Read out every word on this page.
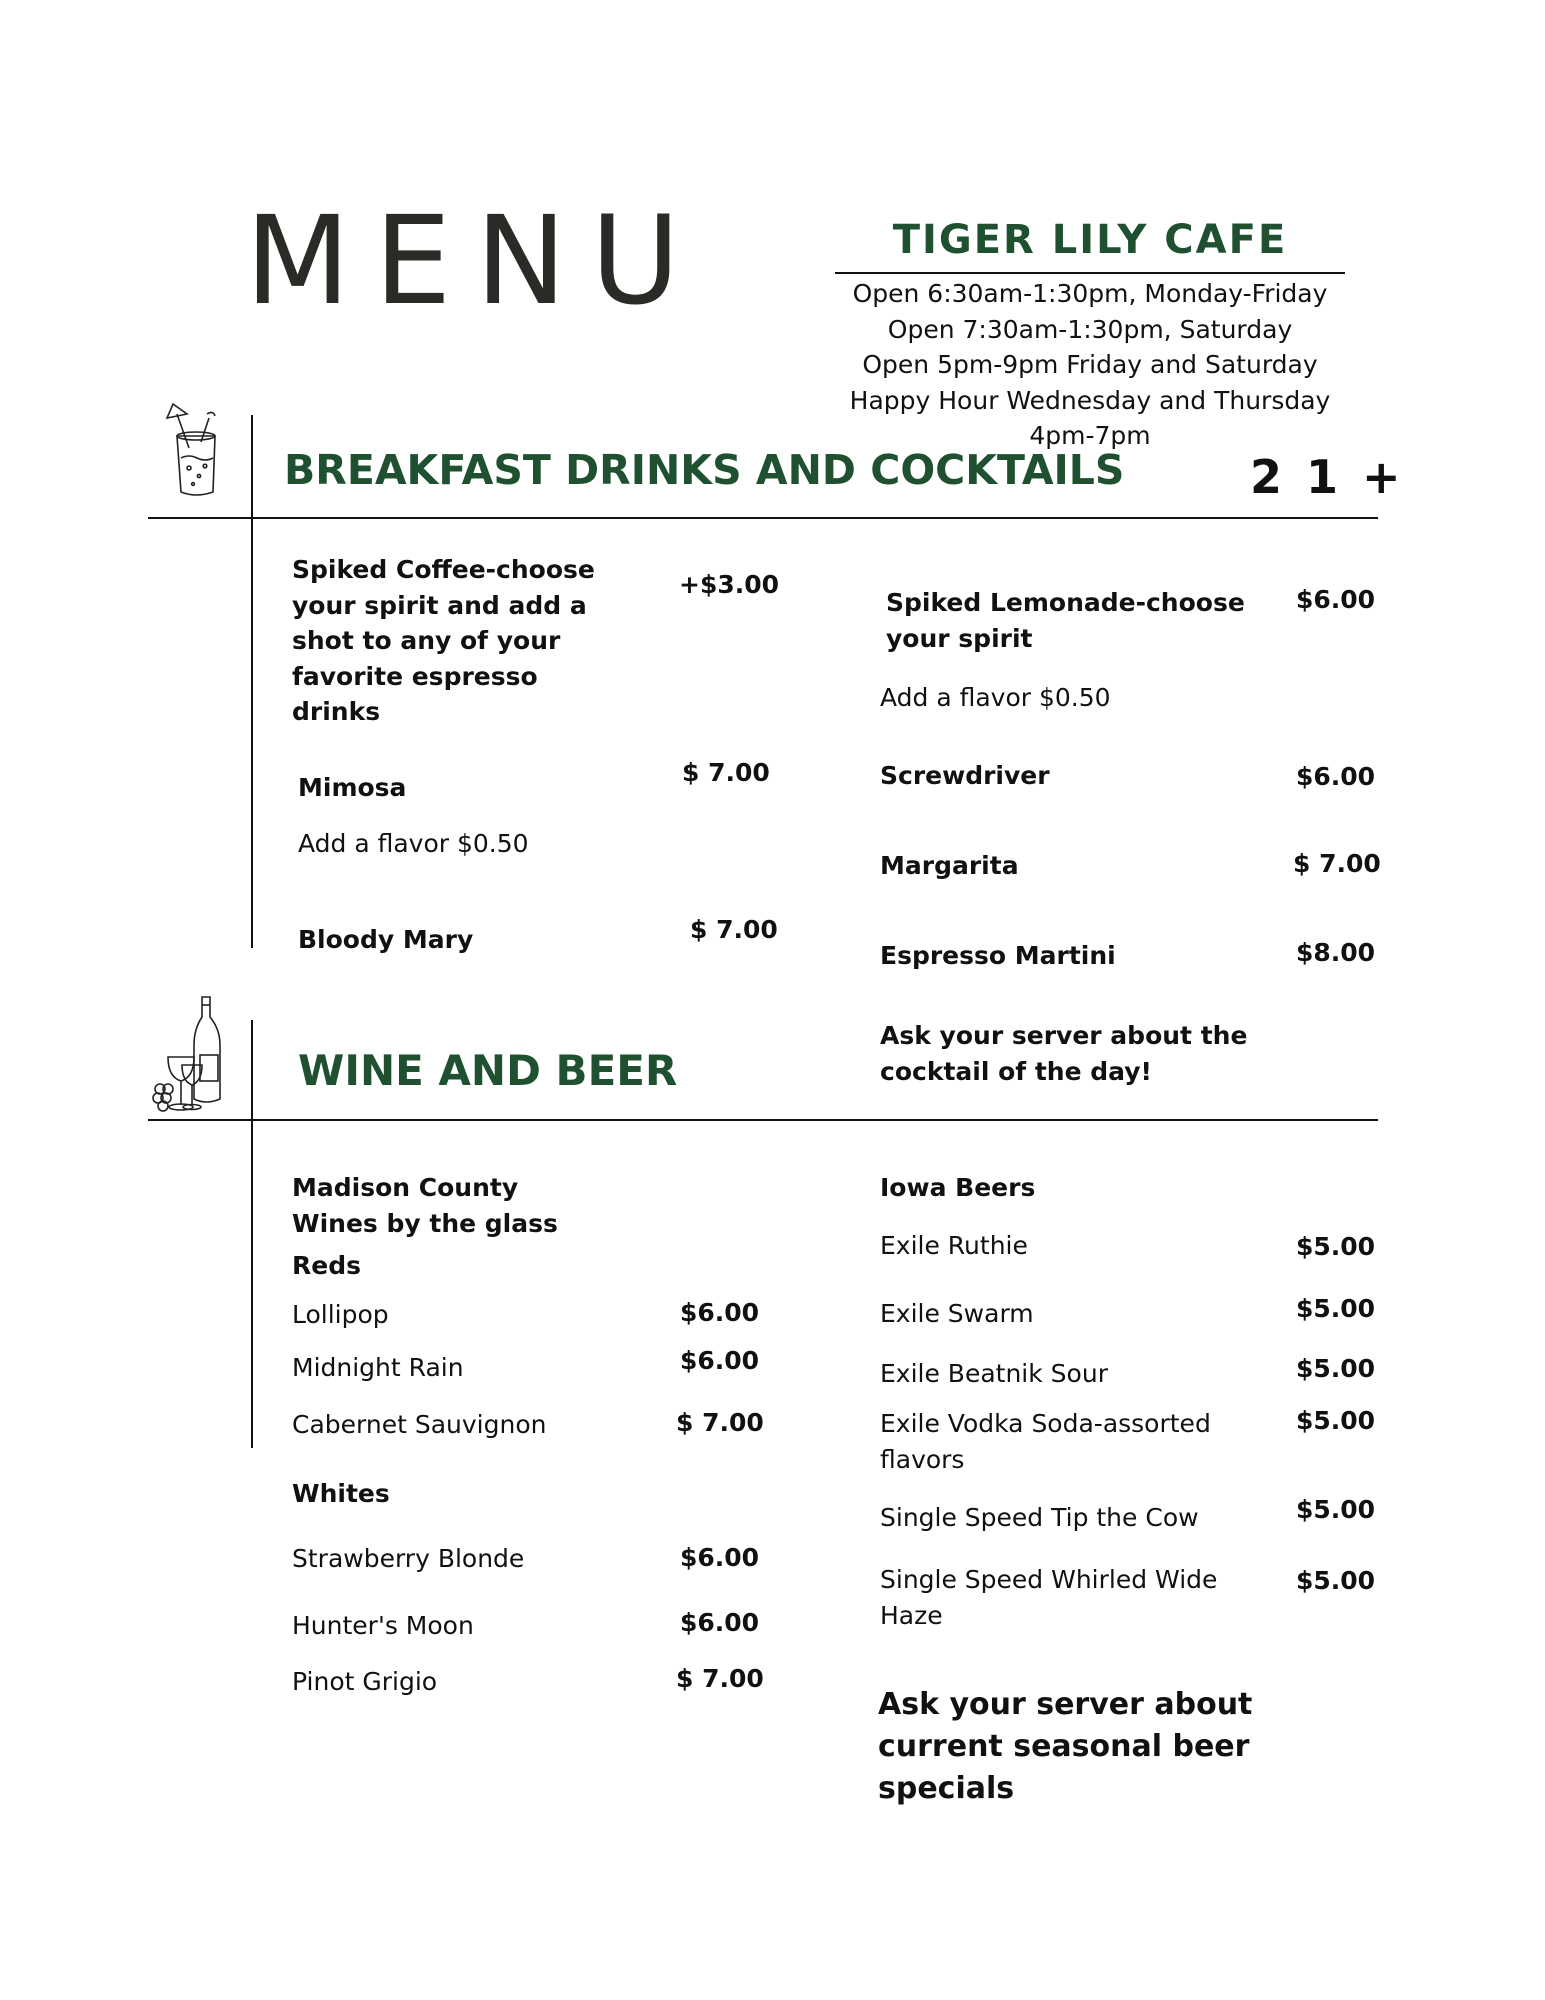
MENU	TIGER LILY CAFE
Open 6:30am-1:30pm, Monday-Friday
Open 7:30am-1:30pm, Saturday
Open 5pm-9pm Friday and Saturday
Happy Hour Wednesday and Thursday
4pm-7pm
BREAKFAST DRINKS AND COCKTAILS	21+
Spiked Coffee-choose
your spirit and add a
shot to any of your
favorite espresso
drinks
+$3.00
Mimosa
$ 7.00
Add a flavor $0.50
Bloody Mary	$ 7.00
Spiked Lemonade-choose
your spirit
$6.00
Add a flavor $0.50
Screwdriver	$6.00
Margarita	$ 7.00
Espresso Martini	$8.00
Ask your server about the
cocktail of the day!
WINE AND BEER
Madison County
Wines by the glass
Reds
Lollipop	$6.00
Midnight Rain	$6.00
Cabernet Sauvignon	$ 7.00
Whites
Strawberry Blonde	$6.00
Hunter's Moon	$6.00
Pinot Grigio	$ 7.00
Iowa Beers
Exile Ruthie	$5.00
Exile Swarm	$5.00
Exile Beatnik Sour	$5.00
Exile Vodka Soda-assorted
flavors
$5.00
Single Speed Tip the Cow	$5.00
Single Speed Whirled Wide
Haze
$5.00
Ask your server about
current seasonal beer
specials
